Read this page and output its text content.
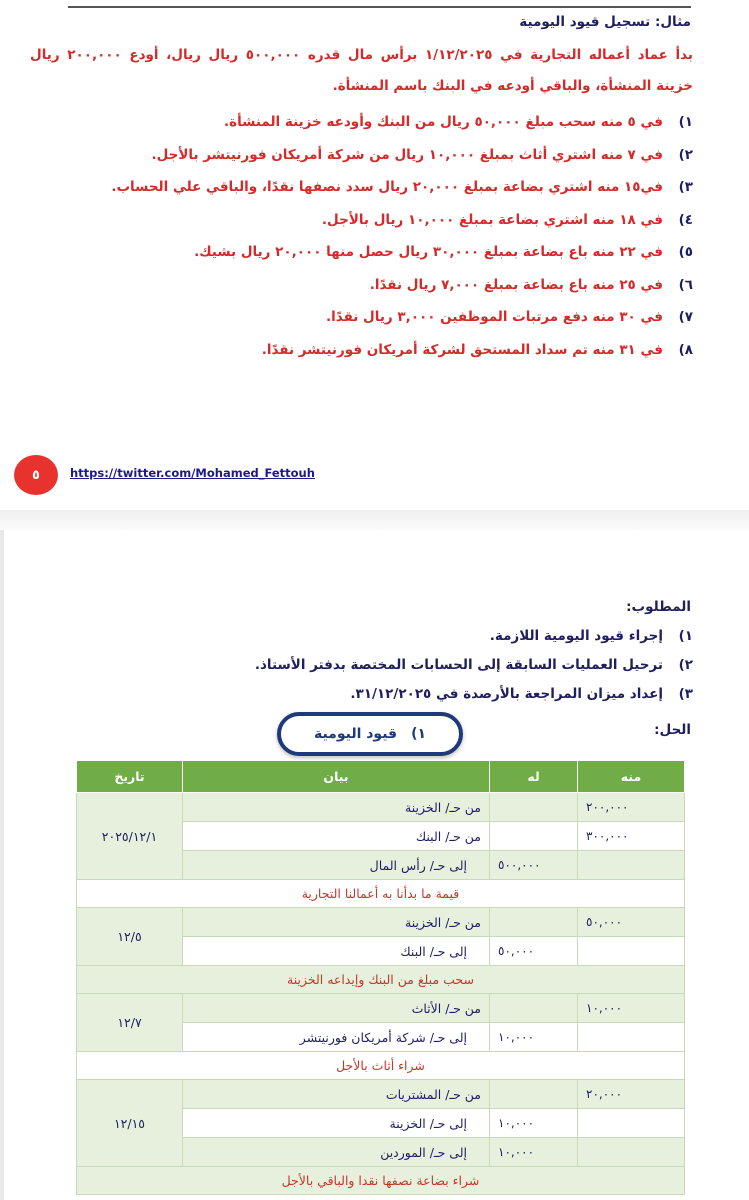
مثال: تسجيل قيود اليومية
بدأ عماد أعماله التجارية في ١/١٢/٢٠٢٥ برأس مال قدره ٥٠٠,٠٠٠ ريال ريال، أودع ٢٠٠,٠٠٠ ريال خزينة المنشأة، والباقي أودعه في البنك باسم المنشأة.
١)
في ٥ منه سحب مبلغ ٥٠,٠٠٠ ريال من البنك وأودعه خزينة المنشأة.
٢)
في ٧ منه اشتري أثاث بمبلغ ١٠,٠٠٠ ريال من شركة أمريكان فورنيتشر بالأجل.
٣)
في١٥ منه اشتري بضاعة بمبلغ ٢٠,٠٠٠ ريال سدد نصفها نقدًا، والباقي علي الحساب.
٤)
في ١٨ منه اشتري بضاعة بمبلغ ١٠,٠٠٠ ريال بالأجل.
٥)
في ٢٢ منه باع بضاعة بمبلغ ٣٠,٠٠٠ ريال حصل منها ٢٠,٠٠٠ ريال بشيك.
٦)
في ٢٥ منه باع بضاعة بمبلغ ٧,٠٠٠ ريال نقدًا.
٧)
في ٣٠ منه دفع مرتبات الموظفين ٣,٠٠٠ ريال نقدًا.
٨)
في ٣١ منه تم سداد المستحق لشركة أمريكان فورنيتشر نقدًا.
٥	https://twitter.com/Mohamed_Fettouh
المطلوب:
١)
إجراء قيود اليومية اللازمة.
٢)
ترحيل العمليات السابقة إلى الحسابات المختصة بدفتر الأستاذ.
٣)
إعداد ميزان المراجعة بالأرصدة في ٣١/١٢/٢٠٢٥.
الحل:
١)
قيود اليومية
منه	له	بيان	تاريخ
٢٠٠,٠٠٠		من حـ/ الخزينة	٢٠٢٥/١٢/١
٣٠٠,٠٠٠		من حـ/ البنك	
	٥٠٠,٠٠٠	إلى حـ/ رأس المال	
قيمة ما بدأنا به أعمالنا التجارية			
٥٠,٠٠٠		من حـ/ الخزينة	١٢/٥
	٥٠,٠٠٠	إلى حـ/ البنك	
سحب مبلغ من البنك وإيداعه الخزينة			
١٠,٠٠٠		من حـ/ الأثاث	١٢/٧
	١٠,٠٠٠	إلى حـ/ شركة أمريكان فورنيتشر	
شراء أثاث بالأجل			
٢٠,٠٠٠		من حـ/ المشتريات	١٢/١٥
	١٠,٠٠٠	إلى حـ/ الخزينة	
	١٠,٠٠٠	إلى حـ/ الموردين	
شراء بضاعة نصفها نقدا والباقي بالأجل			
